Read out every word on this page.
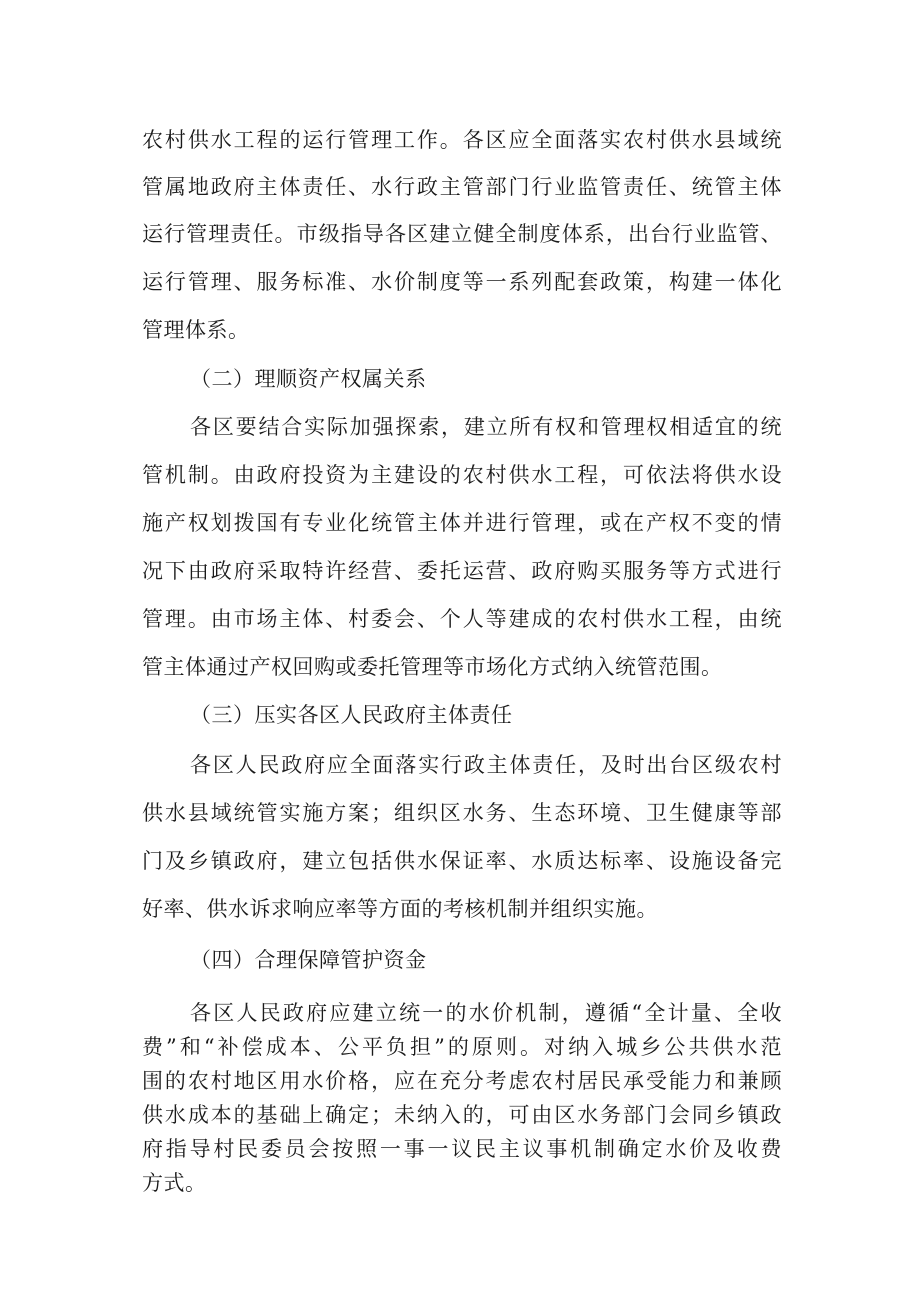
农村供水工程的运行管理工作。各区应全面落实农村供水县域统
管属地政府主体责任、水行政主管部门行业监管责任、统管主体
运行管理责任。市级指导各区建立健全制度体系，出台行业监管、
运行管理、服务标准、水价制度等一系列配套政策，构建一体化
管理体系。
（二）理顺资产权属关系
各区要结合实际加强探索，建立所有权和管理权相适宜的统
管机制。由政府投资为主建设的农村供水工程，可依法将供水设
施产权划拨国有专业化统管主体并进行管理，或在产权不变的情
况下由政府采取特许经营、委托运营、政府购买服务等方式进行
管理。由市场主体、村委会、个人等建成的农村供水工程，由统
管主体通过产权回购或委托管理等市场化方式纳入统管范围。
（三）压实各区人民政府主体责任
各区人民政府应全面落实行政主体责任，及时出台区级农村
供水县域统管实施方案；组织区水务、生态环境、卫生健康等部
门及乡镇政府，建立包括供水保证率、水质达标率、设施设备完
好率、供水诉求响应率等方面的考核机制并组织实施。
（四）合理保障管护资金
各区人民政府应建立统一的水价机制，遵循“全计量、全收
费”和“补偿成本、公平负担”的原则。对纳入城乡公共供水范
围的农村地区用水价格，应在充分考虑农村居民承受能力和兼顾
供水成本的基础上确定；未纳入的，可由区水务部门会同乡镇政
府指导村民委员会按照一事一议民主议事机制确定水价及收费
方式。
